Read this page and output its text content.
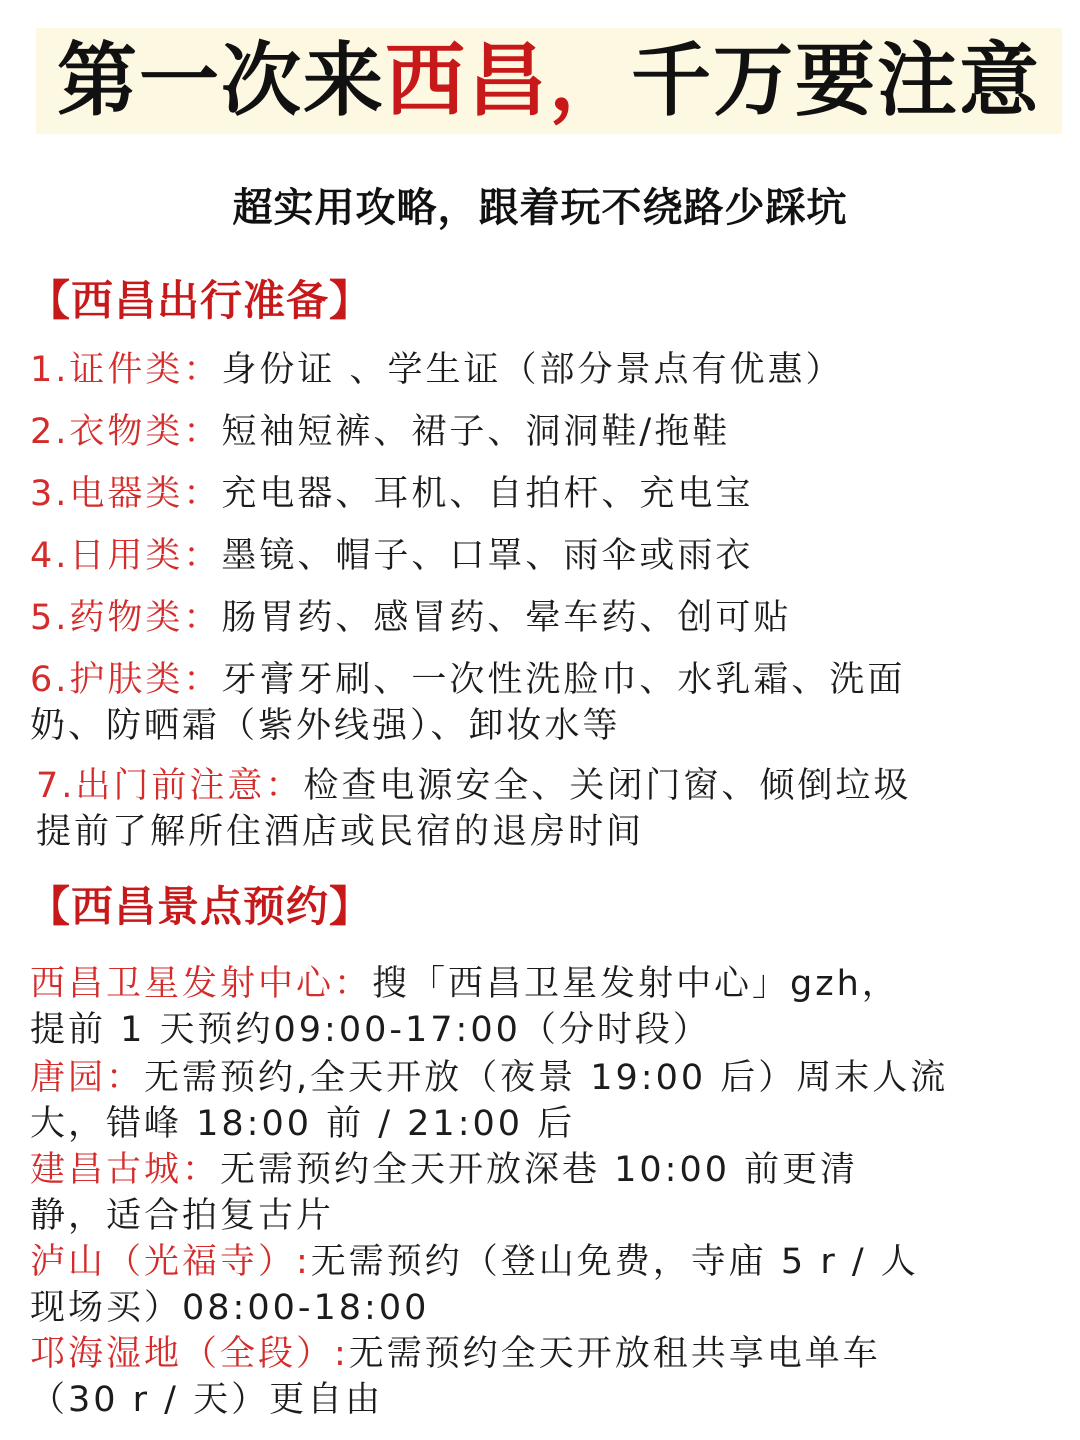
第一次来 西昌， 千万要注意
超实用攻略，跟着玩不绕路少踩坑
【西昌出行准备】
1.证件类：身份证 、学生证（部分景点有优惠）
2.衣物类：短袖短裤、裙子、洞洞鞋/拖鞋
3.电器类：充电器、耳机、自拍杆、充电宝
4.日用类：墨镜、帽子、口罩、雨伞或雨衣
5.药物类：肠胃药、感冒药、晕车药、创可贴
6.护肤类：牙膏牙刷、一次性洗脸巾、水乳霜、洗面
奶、防晒霜（紫外线强）、卸妆水等
7.出门前注意：检查电源安全、关闭门窗、倾倒垃圾
提前了解所住酒店或民宿的退房时间
【西昌景点预约】
西昌卫星发射中心：搜「西昌卫星发射中心」gzh，
提前 1 天预约09:00-17:00（分时段）
唐园：无需预约,全天开放（夜景 19:00 后）周末人流
大，错峰 18:00 前 / 21:00 后
建昌古城：无需预约全天开放深巷 10:00 前更清
静，适合拍复古片
泸山（光福寺）:无需预约（登山免费，寺庙 5 r / 人
现场买）08:00-18:00
邛海湿地（全段）:无需预约全天开放租共享电单车
（30 r / 天）更自由
